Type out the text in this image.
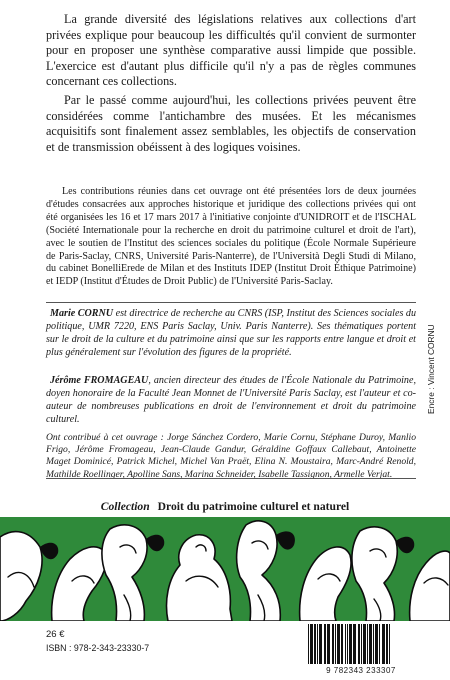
La grande diversité des législations relatives aux collections d'art privées explique pour beaucoup les difficultés qu'il convient de surmonter pour en proposer une synthèse comparative aussi limpide que possible. L'exercice est d'autant plus difficile qu'il n'y a pas de règles communes concernant ces collections.

Par le passé comme aujourd'hui, les collections privées peuvent être considérées comme l'antichambre des musées. Et les mécanismes acquisitifs sont finalement assez semblables, les objectifs de conservation et de transmission obéissent à des logiques voisines.

Les contributions réunies dans cet ouvrage ont été présentées lors de deux journées d'études consacrées aux approches historique et juridique des collections privées qui ont été organisées les 16 et 17 mars 2017 à l'initiative conjointe d'UNIDROIT et de l'ISCHAL (Société Internationale pour la recherche en droit du patrimoine culturel et droit de l'art), avec le soutien de l'Institut des sciences sociales du politique (École Normale Supérieure de Paris-Saclay, CNRS, Université Paris-Nanterre), de l'Università Degli Studi di Milano, du cabinet BonelliErede de Milan et des Instituts IDEP (Institut Droit Éthique Patrimoine) et IEDP (Institut d'Études de Droit Public) de l'Université Paris-Saclay.

Marie CORNU est directrice de recherche au CNRS (ISP, Institut des Sciences sociales du politique, UMR 7220, ENS Paris Saclay, Univ. Paris Nanterre). Ses thématiques portent sur le droit de la culture et du patrimoine ainsi que sur les rapports entre langue et droit et plus généralement sur l'évolution des figures de la propriété.

Jérôme FROMAGEAU, ancien directeur des études de l'École Nationale du Patrimoine, doyen honoraire de la Faculté Jean Monnet de l'Université Paris Saclay, est l'auteur et co-auteur de nombreuses publications en droit de l'environnement et droit du patrimoine culturel.

Ont contribué à cet ouvrage : Jorge Sánchez Cordero, Marie Cornu, Stéphane Duroy, Manlio Frigo, Jérôme Fromageau, Jean-Claude Gandur, Géraldine Goffaux Callebaut, Antoinette Maget Dominicé, Patrick Michel, Michel Van Praët, Elina N. Moustaira, Marc-André Renold, Mathilde Roellinger, Apolline Sans, Marina Schneider, Isabelle Tassignon, Armelle Verjat.

Encre : Vincent CORNU
Collection Droit du patrimoine culturel et naturel
26 €
ISBN : 978-2-343-23330-7
9 782343 233307
